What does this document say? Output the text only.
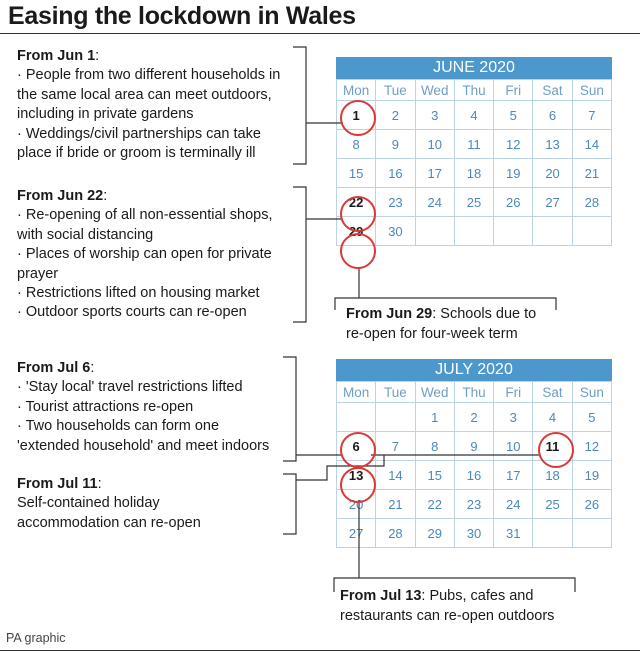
Easing the lockdown in Wales
From Jun 1:
· People from two different households in
the same local area can meet outdoors,
including in private gardens
· Weddings/civil partnerships can take
place if bride or groom is terminally ill
From Jun 22:
· Re-opening of all non-essential shops,
with social distancing
· Places of worship can open for private
prayer
· Restrictions lifted on housing market
· Outdoor sports courts can re-open
From Jul 6:
· 'Stay local' travel restrictions lifted
· Tourist attractions re-open
· Two households can form one
'extended household' and meet indoors
From Jul 11:
Self-contained holiday
accommodation can re-open
JUNE 2020
Mon	Tue	Wed	Thu	Fri	Sat	Sun
1	2	3	4	5	6	7
8	9	10	11	12	13	14
15	16	17	18	19	20	21
22	23	24	25	26	27	28
29	30					
JULY 2020
Mon	Tue	Wed	Thu	Fri	Sat	Sun
		1	2	3	4	5
6	7	8	9	10	11	12
13	14	15	16	17	18	19
20	21	22	23	24	25	26
27	28	29	30	31		
From Jun 29: Schools due to
re-open for four-week term
From Jul 13: Pubs, cafes and
restaurants can re-open outdoors
PA graphic
